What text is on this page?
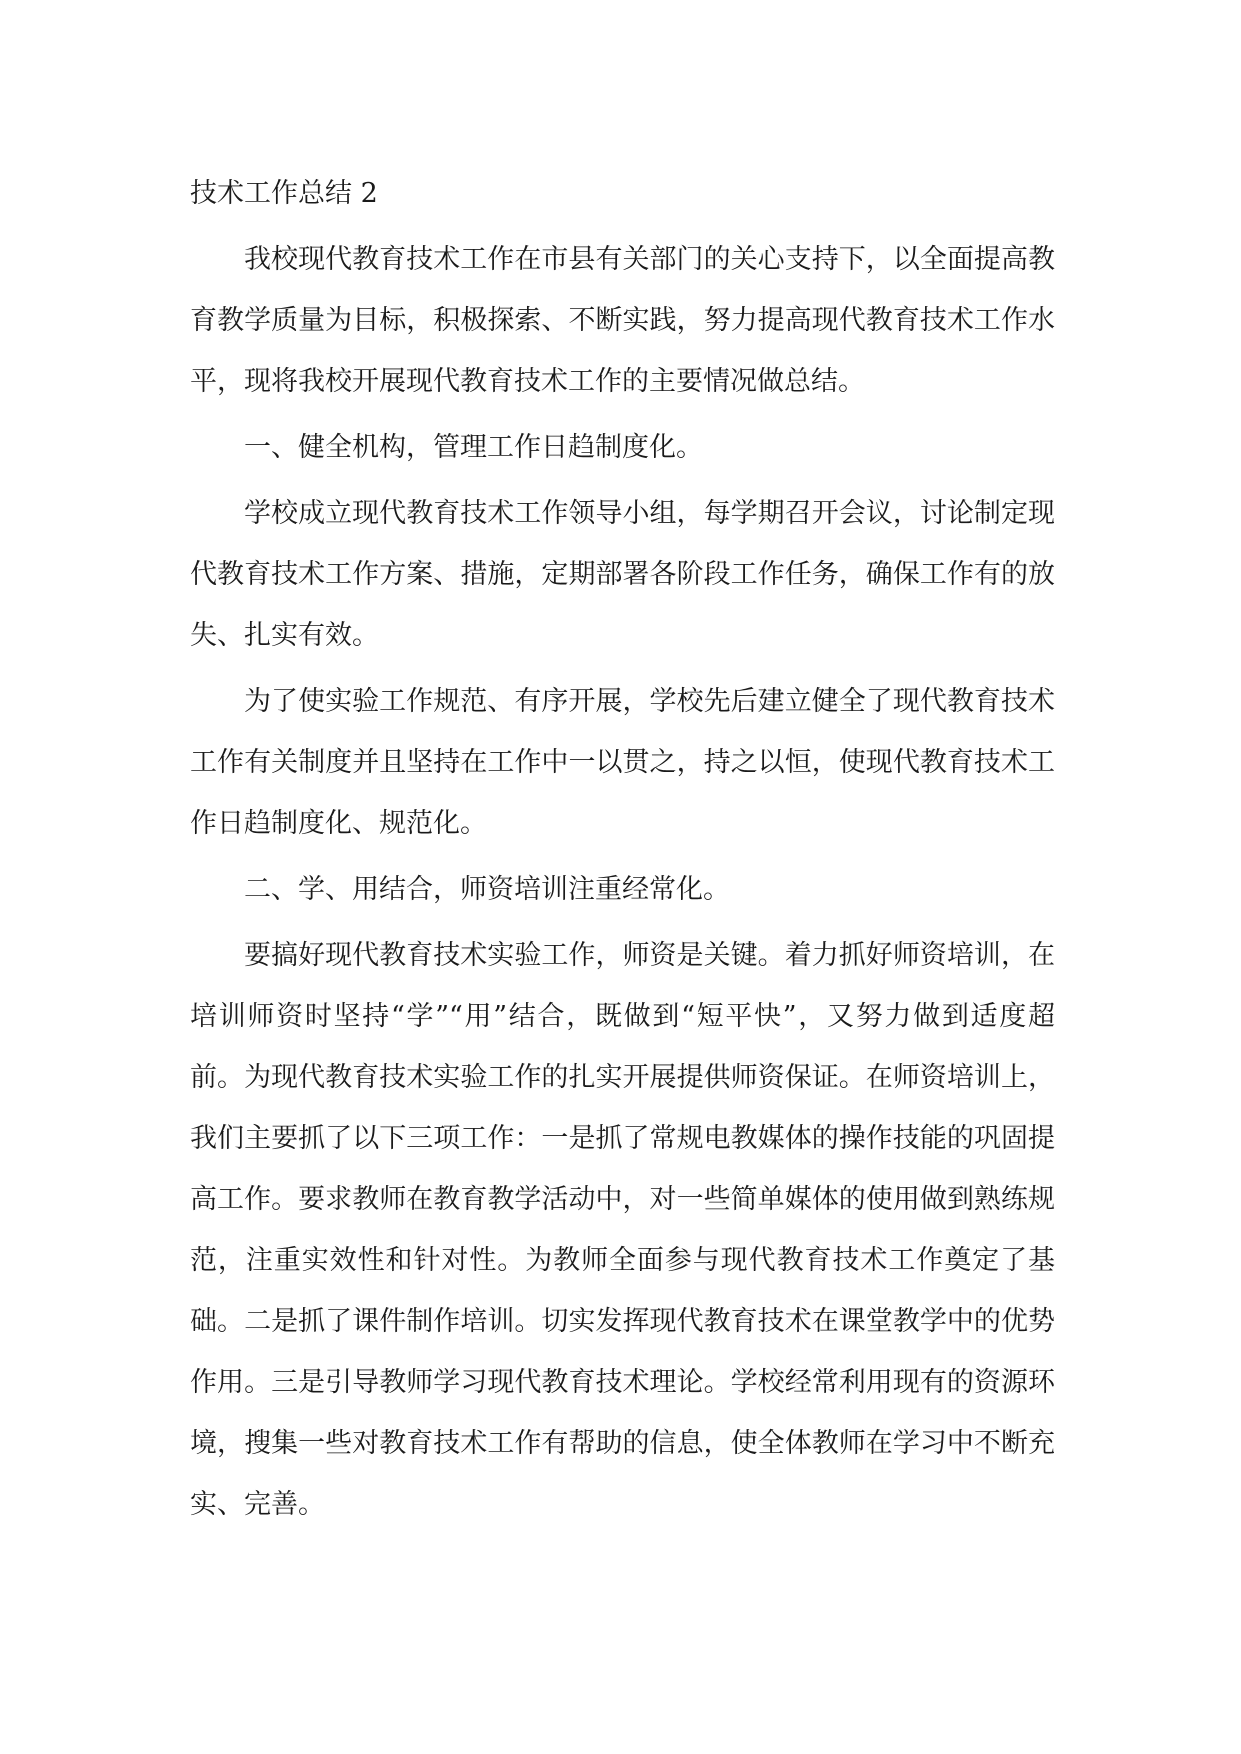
技术工作总结 2

我校现代教育技术工作在市县有关部门的关心支持下，以全面提高教育教学质量为目标，积极探索、不断实践，努力提高现代教育技术工作水平，现将我校开展现代教育技术工作的主要情况做总结。

一、健全机构，管理工作日趋制度化。

学校成立现代教育技术工作领导小组，每学期召开会议，讨论制定现代教育技术工作方案、措施，定期部署各阶段工作任务，确保工作有的放失、扎实有效。

为了使实验工作规范、有序开展，学校先后建立健全了现代教育技术工作有关制度并且坚持在工作中一以贯之，持之以恒，使现代教育技术工作日趋制度化、规范化。

二、学、用结合，师资培训注重经常化。

要搞好现代教育技术实验工作，师资是关键。着力抓好师资培训，在培训师资时坚持“学”“用”结合，既做到“短平快”，又努力做到适度超前。为现代教育技术实验工作的扎实开展提供师资保证。在师资培训上，我们主要抓了以下三项工作：一是抓了常规电教媒体的操作技能的巩固提高工作。要求教师在教育教学活动中，对一些简单媒体的使用做到熟练规范，注重实效性和针对性。为教师全面参与现代教育技术工作奠定了基础。二是抓了课件制作培训。切实发挥现代教育技术在课堂教学中的优势作用。三是引导教师学习现代教育技术理论。学校经常利用现有的资源环境，搜集一些对教育技术工作有帮助的信息，使全体教师在学习中不断充实、完善。
